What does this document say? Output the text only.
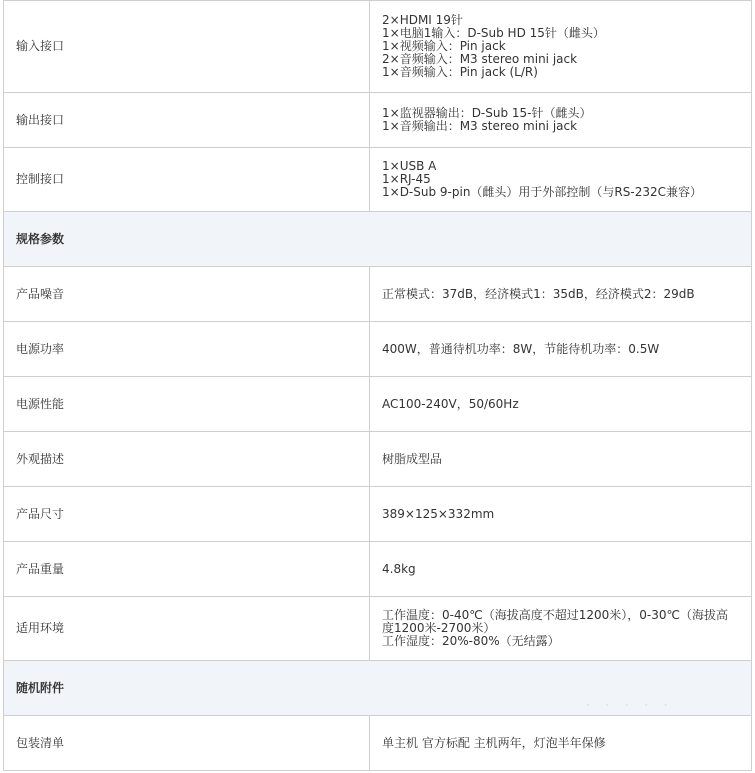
输入接口	2×HDMI 19针
1×电脑1输入：D-Sub HD 15针（雌头）
1×视频输入：Pin jack
2×音频输入：M3 stereo mini jack
1×音频输入：Pin jack (L/R)

输出接口	1×监视器输出：D-Sub 15-针（雌头）
1×音频输出：M3 stereo mini jack

控制接口	1×USB A
1×RJ-45
1×D-Sub 9-pin（雌头）用于外部控制（与RS-232C兼容）

规格参数	
产品噪音	正常模式：37dB，经济模式1：35dB，经济模式2：29dB

电源功率	400W，普通待机功率：8W，节能待机功率：0.5W

电源性能	AC100-240V，50/60Hz

外观描述	树脂成型品

产品尺寸	389×125×332mm

产品重量	4.8kg

适用环境	工作温度：0-40℃（海拔高度不超过1200米），0-30℃（海拔高度1200米-2700米）
工作湿度：20%-80%（无结露）

随机附件	
包装清单	单主机 官方标配 主机两年，灯泡半年保修
· · · · ·
